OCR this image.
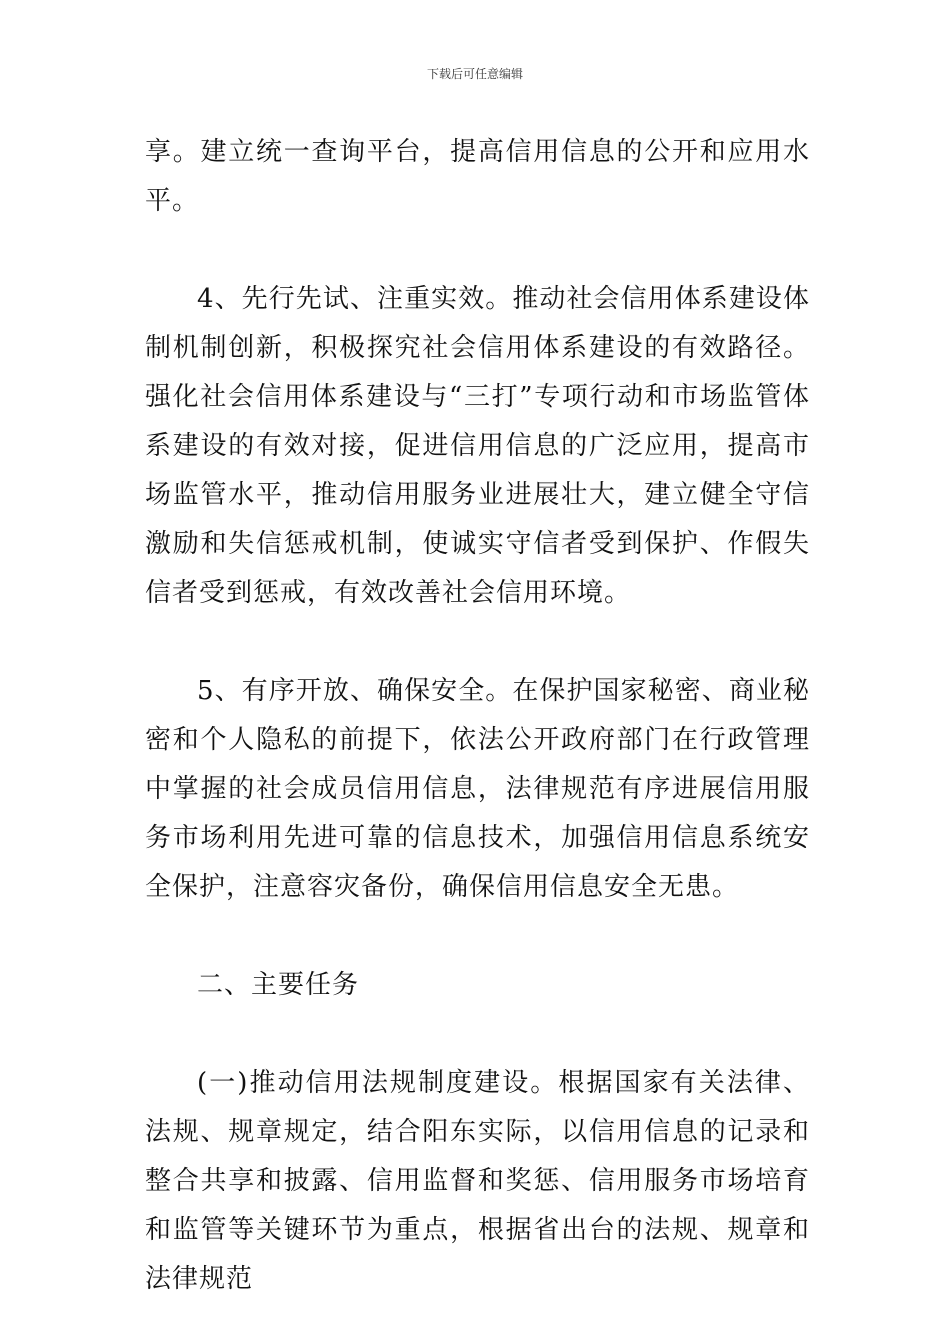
下载后可任意编辑

享。建立统一查询平台，提高信用信息的公开和应用水平。

4、先行先试、注重实效。推动社会信用体系建设体制机制创新，积极探究社会信用体系建设的有效路径。强化社会信用体系建设与“三打”专项行动和市场监管体系建设的有效对接，促进信用信息的广泛应用，提高市场监管水平，推动信用服务业进展壮大，建立健全守信激励和失信惩戒机制，使诚实守信者受到保护、作假失信者受到惩戒，有效改善社会信用环境。

5、有序开放、确保安全。在保护国家秘密、商业秘密和个人隐私的前提下，依法公开政府部门在行政管理中掌握的社会成员信用信息，法律规范有序进展信用服务市场利用先进可靠的信息技术，加强信用信息系统安全保护，注意容灾备份，确保信用信息安全无患。

二、主要任务

(一)推动信用法规制度建设。根据国家有关法律、法规、规章规定，结合阳东实际，以信用信息的记录和整合共享和披露、信用监督和奖惩、信用服务市场培育和监管等关键环节为重点，根据省出台的法规、规章和法律规范
